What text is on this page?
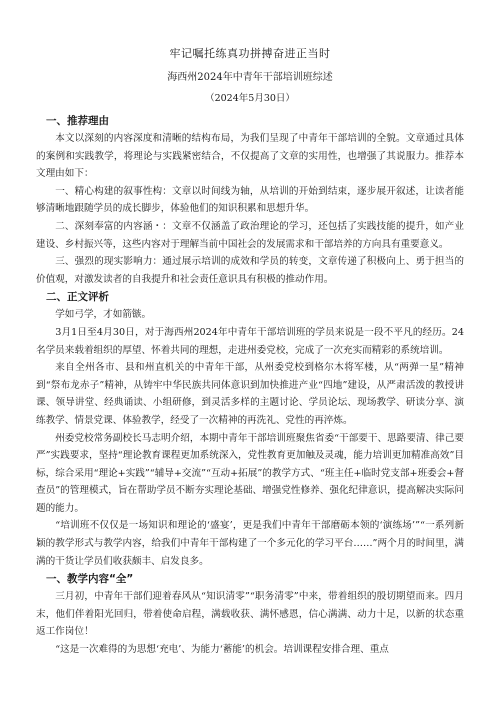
牢记嘱托练真功拼搏奋进正当时
海西州2024年中青年干部培训班综述
（2024年5月30日）
一、推荐理由

本文以深刻的内容深度和清晰的结构布局，为我们呈现了中青年干部培训的全貌。文章通过具体的案例和实践教学，将理论与实践紧密结合，不仅提高了文章的实用性，也增强了其说服力。推荐本文理由如下：

一、精心构建的叙事性构：文章以时间线为轴，从培训的开始到结束，逐步展开叙述，让读者能够清晰地跟随学员的成长脚步，体验他们的知识积累和思想升华。

二、深刻奉富的内容涵・：文章不仅涵盖了政治理论的学习，还包括了实践技能的提升，如产业建设、乡村振兴等，这些内容对于理解当前中国社会的发展需求和干部培养的方向具有重要意义。

三、强烈的现实影响力：通过展示培训的成效和学员的转变，文章传递了积极向上、勇于担当的价值观，对激发读者的自我提升和社会责任意识具有积极的推动作用。

二、正文评析

学如弓学，才如箭镞。

3月1日至4月30日，对于海西州2024年中青年干部培训班的学员来说是一段不平凡的经历。24名学员来载着组织的厚望、怀着共同的理想，走进州委党校，完成了一次充实而精彩的系统培训。

来自全州各市、县和州直机关的中青年干部，从州委党校到格尔木将军楼，从“两弹一星”精神到“祭布龙赤子”精神，从铸牢中华民族共同体意识到加快推进产业“四地”建设，从严肃活泼的教授讲课、领导讲堂、经典诵读、小组研修，到灵活多样的主题讨论、学员论坛、现场教学、研读分享、演练教学、情景党课、体验教学，经受了一次精神的再洗礼、党性的再淬炼。

州委党校常务副校长马志明介绍，本期中青年干部培训班聚焦省委“干部要干、思路要清、律己要严”实践要求，坚持“理论教育课程更加系统深入，党性教育更加触及灵魂，能力培训更加精准高效”目标，综合采用“理论+实践”“辅导+交流”“互动+拓展”的教学方式、“班主任+临时党支部+班委会+督查员”的管理模式，旨在帮助学员不断夯实理论基础、增强党性修养、强化纪律意识，提高解决实际问题的能力。

“培训班不仅仅是一场知识和理论的‘盛宴’，更是我们中青年干部磨砺本领的‘演练场’”“一系列新颖的教学形式与教学内容，给我们中青年干部构建了一个多元化的学习平台……”两个月的时间里，满满的干货让学员们收获颇丰、启发良多。

一、教学内容“全”

三月初，中青年干部们迎着春风从“知识清零”“职务清零”中来，带着组织的殷切期望而来。四月末，他们伴着阳光回归，带着使命启程，满载收获、满怀感恩，信心满满、动力十足，以新的状态重返工作岗位！

“这是一次难得的为思想‘充电’、为能力‘蓄能’的机会。培训课程安排合理、重点
